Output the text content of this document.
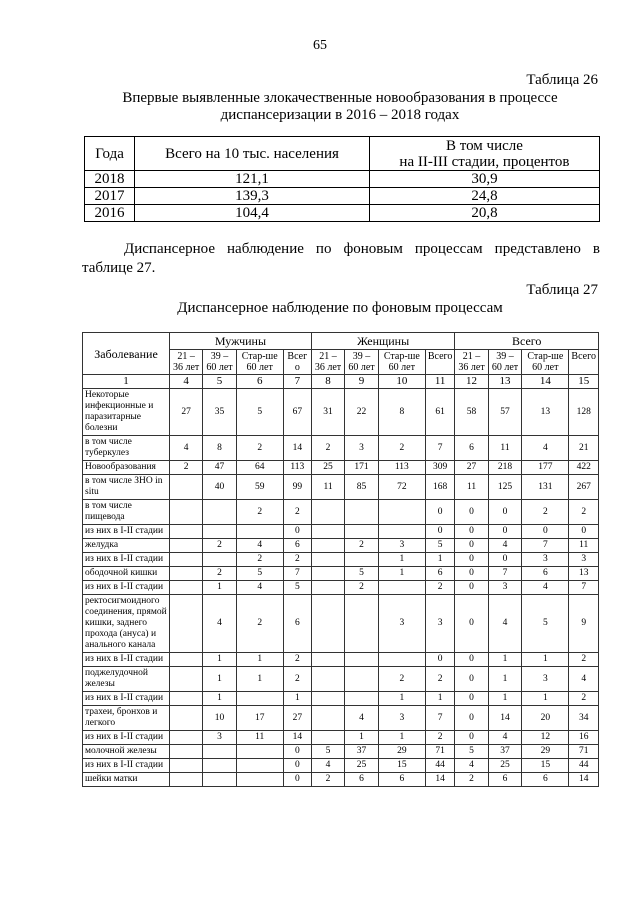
65
Таблица 26
Впервые выявленные злокачественные новообразования в процессе
диспансеризации в 2016 – 2018 годах
Года	Всего на 10 тыс. населения	В том числе
на II-III стадии, процентов

2018	121,1	30,9
2017	139,3	24,8
2016	104,4	20,8
Диспансерное наблюдение по фоновым процессам представлено в таблице 27.
Таблица 27
Диспансерное наблюдение по фоновым процессам
Заболевание	Мужчины				Женщины				Всего			
	21 – 36 лет	39 – 60 лет	Стар-ше 60 лет	Всег о	21 – 36 лет	39 – 60 лет	Стар-ше 60 лет	Всего	21 – 36 лет	39 – 60 лет	Стар-ше 60 лет	Всего
1	4	5	6	7	8	9	10	11	12	13	14	15
Некоторые инфекционные и паразитарные болезни	27	35	5	67	31	22	8	61	58	57	13	128
в том числе туберкулез	4	8	2	14	2	3	2	7	6	11	4	21
Новообразования	2	47	64	113	25	171	113	309	27	218	177	422
в том числе ЗНО in situ		40	59	99	11	85	72	168	11	125	131	267
в том числе пищевода			2	2				0	0	0	2	2
из них в I-II стадии				0				0	0	0	0	0
желудка		2	4	6		2	3	5	0	4	7	11
из них в I-II стадии			2	2			1	1	0	0	3	3
ободочной кишки		2	5	7		5	1	6	0	7	6	13
из них в I-II стадии		1	4	5		2		2	0	3	4	7
ректосигмоидного соединения, прямой кишки, заднего прохода (ануса) и анального канала		4	2	6			3	3	0	4	5	9
из них в I-II стадии		1	1	2				0	0	1	1	2
поджелудочной железы		1	1	2			2	2	0	1	3	4
из них в I-II стадии		1		1			1	1	0	1	1	2
трахеи, бронхов и легкого		10	17	27		4	3	7	0	14	20	34
из них в I-II стадии		3	11	14		1	1	2	0	4	12	16
молочной железы				0	5	37	29	71	5	37	29	71
из них в I-II стадии				0	4	25	15	44	4	25	15	44
шейки матки				0	2	6	6	14	2	6	6	14
